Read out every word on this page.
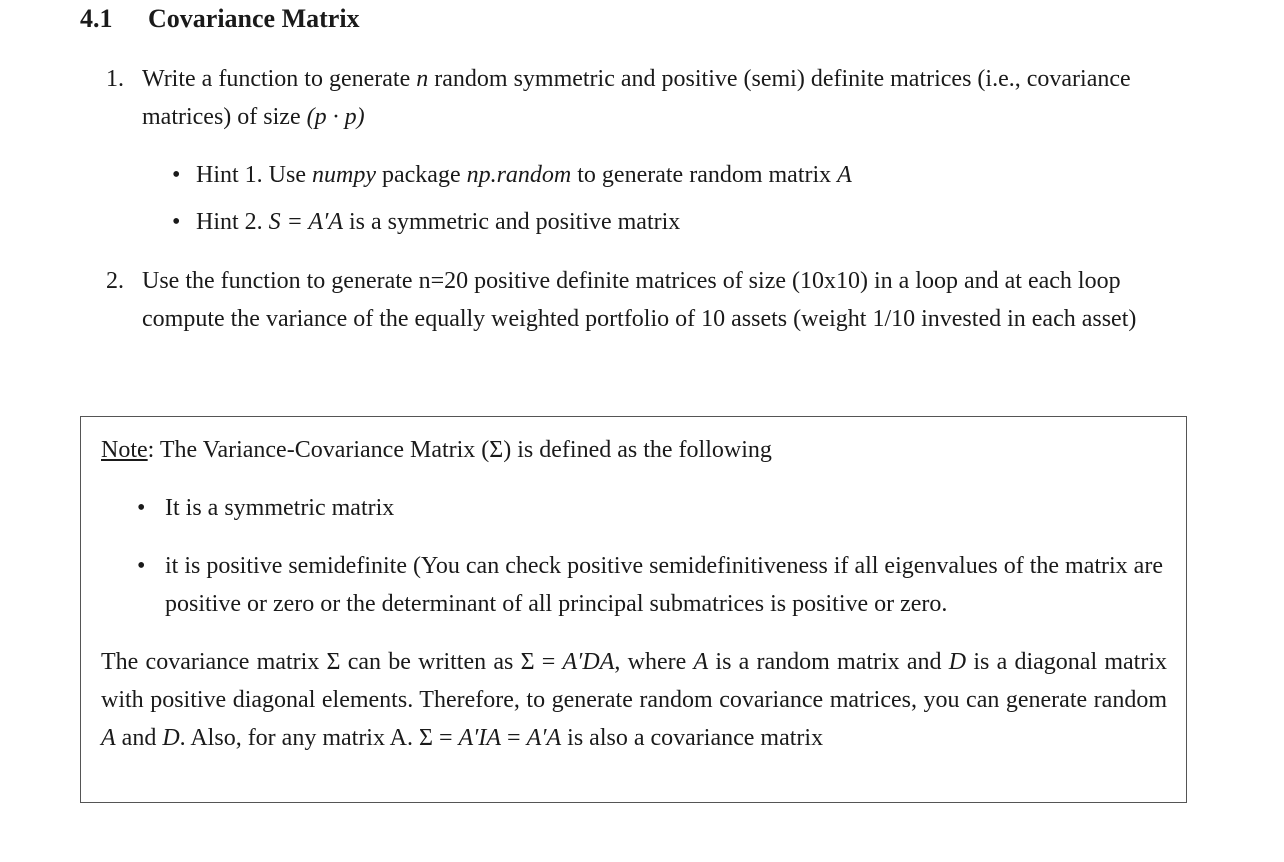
4.1 Covariance Matrix
1. Write a function to generate n random symmetric and positive (semi) definite matrices (i.e., covariance matrices) of size (p · p)
• Hint 1. Use numpy package np.random to generate random matrix A
• Hint 2. S = A′A is a symmetric and positive matrix
2. Use the function to generate n=20 positive definite matrices of size (10x10) in a loop and at each loop compute the variance of the equally weighted portfolio of 10 assets (weight 1/10 invested in each asset)
Note: The Variance-Covariance Matrix (Σ) is defined as the following
• It is a symmetric matrix
• it is positive semidefinite (You can check positive semidefinitiveness if all eigenvalues of the matrix are positive or zero or the determinant of all principal submatrices is positive or zero.
The covariance matrix Σ can be written as Σ = A′DA, where A is a random matrix and D is a diagonal matrix with positive diagonal elements. Therefore, to generate random covariance matrices, you can generate random A and D. Also, for any matrix A. Σ = A′IA = A′A is also a covariance matrix
